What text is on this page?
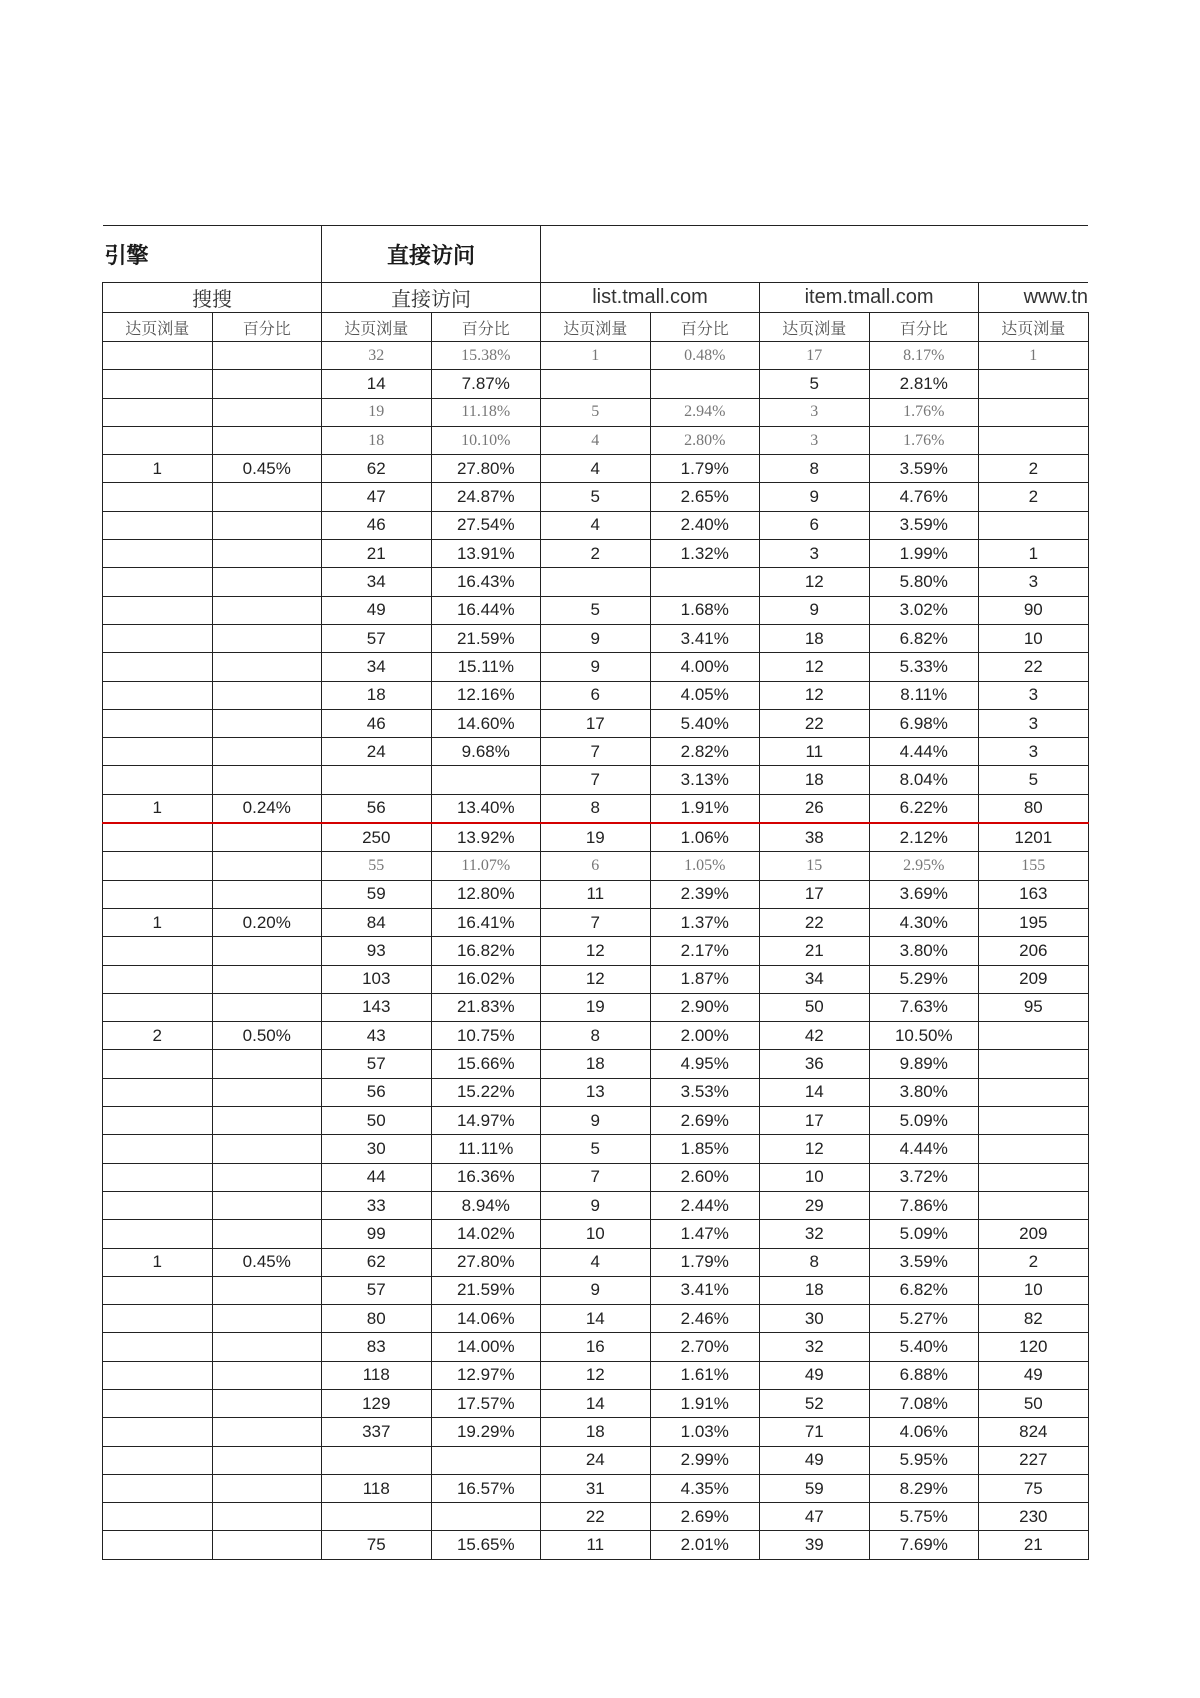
引擎		直接访问						
搜搜		直接访问		list.tmall.com		item.tmall.com		www.tn
达页浏量	百分比	达页浏量	百分比	达页浏量	百分比	达页浏量	百分比	达页浏量
		32	15.38%	1	0.48%	17	8.17%	1
		14	7.87%			5	2.81%	
		19	11.18%	5	2.94%	3	1.76%	
		18	10.10%	4	2.80%	3	1.76%	
1	0.45%	62	27.80%	4	1.79%	8	3.59%	2
		47	24.87%	5	2.65%	9	4.76%	2
		46	27.54%	4	2.40%	6	3.59%	
		21	13.91%	2	1.32%	3	1.99%	1
		34	16.43%			12	5.80%	3
		49	16.44%	5	1.68%	9	3.02%	90
		57	21.59%	9	3.41%	18	6.82%	10
		34	15.11%	9	4.00%	12	5.33%	22
		18	12.16%	6	4.05%	12	8.11%	3
		46	14.60%	17	5.40%	22	6.98%	3
		24	9.68%	7	2.82%	11	4.44%	3
				7	3.13%	18	8.04%	5
1	0.24%	56	13.40%	8	1.91%	26	6.22%	80
		250	13.92%	19	1.06%	38	2.12%	1201
		55	11.07%	6	1.05%	15	2.95%	155
		59	12.80%	11	2.39%	17	3.69%	163
1	0.20%	84	16.41%	7	1.37%	22	4.30%	195
		93	16.82%	12	2.17%	21	3.80%	206
		103	16.02%	12	1.87%	34	5.29%	209
		143	21.83%	19	2.90%	50	7.63%	95
2	0.50%	43	10.75%	8	2.00%	42	10.50%	
		57	15.66%	18	4.95%	36	9.89%	
		56	15.22%	13	3.53%	14	3.80%	
		50	14.97%	9	2.69%	17	5.09%	
		30	11.11%	5	1.85%	12	4.44%	
		44	16.36%	7	2.60%	10	3.72%	
		33	8.94%	9	2.44%	29	7.86%	
		99	14.02%	10	1.47%	32	5.09%	209
1	0.45%	62	27.80%	4	1.79%	8	3.59%	2
		57	21.59%	9	3.41%	18	6.82%	10
		80	14.06%	14	2.46%	30	5.27%	82
		83	14.00%	16	2.70%	32	5.40%	120
		118	12.97%	12	1.61%	49	6.88%	49
		129	17.57%	14	1.91%	52	7.08%	50
		337	19.29%	18	1.03%	71	4.06%	824
				24	2.99%	49	5.95%	227
		118	16.57%	31	4.35%	59	8.29%	75
				22	2.69%	47	5.75%	230
		75	15.65%	11	2.01%	39	7.69%	21
